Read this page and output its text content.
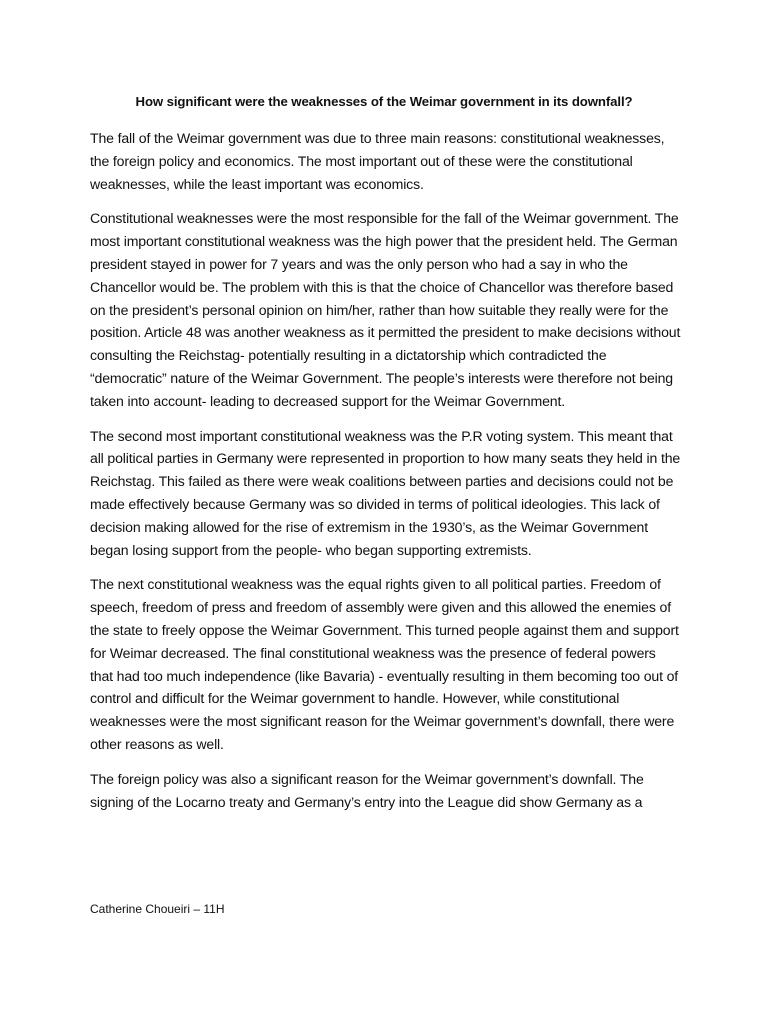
How significant were the weaknesses of the Weimar government in its downfall?

The fall of the Weimar government was due to three main reasons: constitutional weaknesses, the foreign policy and economics. The most important out of these were the constitutional weaknesses, while the least important was economics.

Constitutional weaknesses were the most responsible for the fall of the Weimar government. The most important constitutional weakness was the high power that the president held. The German president stayed in power for 7 years and was the only person who had a say in who the Chancellor would be. The problem with this is that the choice of Chancellor was therefore based on the president’s personal opinion on him/her, rather than how suitable they really were for the position. Article 48 was another weakness as it permitted the president to make decisions without consulting the Reichstag- potentially resulting in a dictatorship which contradicted the “democratic” nature of the Weimar Government. The people’s interests were therefore not being taken into account- leading to decreased support for the Weimar Government.

The second most important constitutional weakness was the P.R voting system. This meant that all political parties in Germany were represented in proportion to how many seats they held in the Reichstag. This failed as there were weak coalitions between parties and decisions could not be made effectively because Germany was so divided in terms of political ideologies. This lack of decision making allowed for the rise of extremism in the 1930’s, as the Weimar Government began losing support from the people- who began supporting extremists.

The next constitutional weakness was the equal rights given to all political parties. Freedom of speech, freedom of press and freedom of assembly were given and this allowed the enemies of the state to freely oppose the Weimar Government. This turned people against them and support for Weimar decreased. The final constitutional weakness was the presence of federal powers that had too much independence (like Bavaria) - eventually resulting in them becoming too out of control and difficult for the Weimar government to handle. However, while constitutional weaknesses were the most significant reason for the Weimar government’s downfall, there were other reasons as well.

The foreign policy was also a significant reason for the Weimar government’s downfall. The signing of the Locarno treaty and Germany’s entry into the League did show Germany as a

Catherine Choueiri – 11H
